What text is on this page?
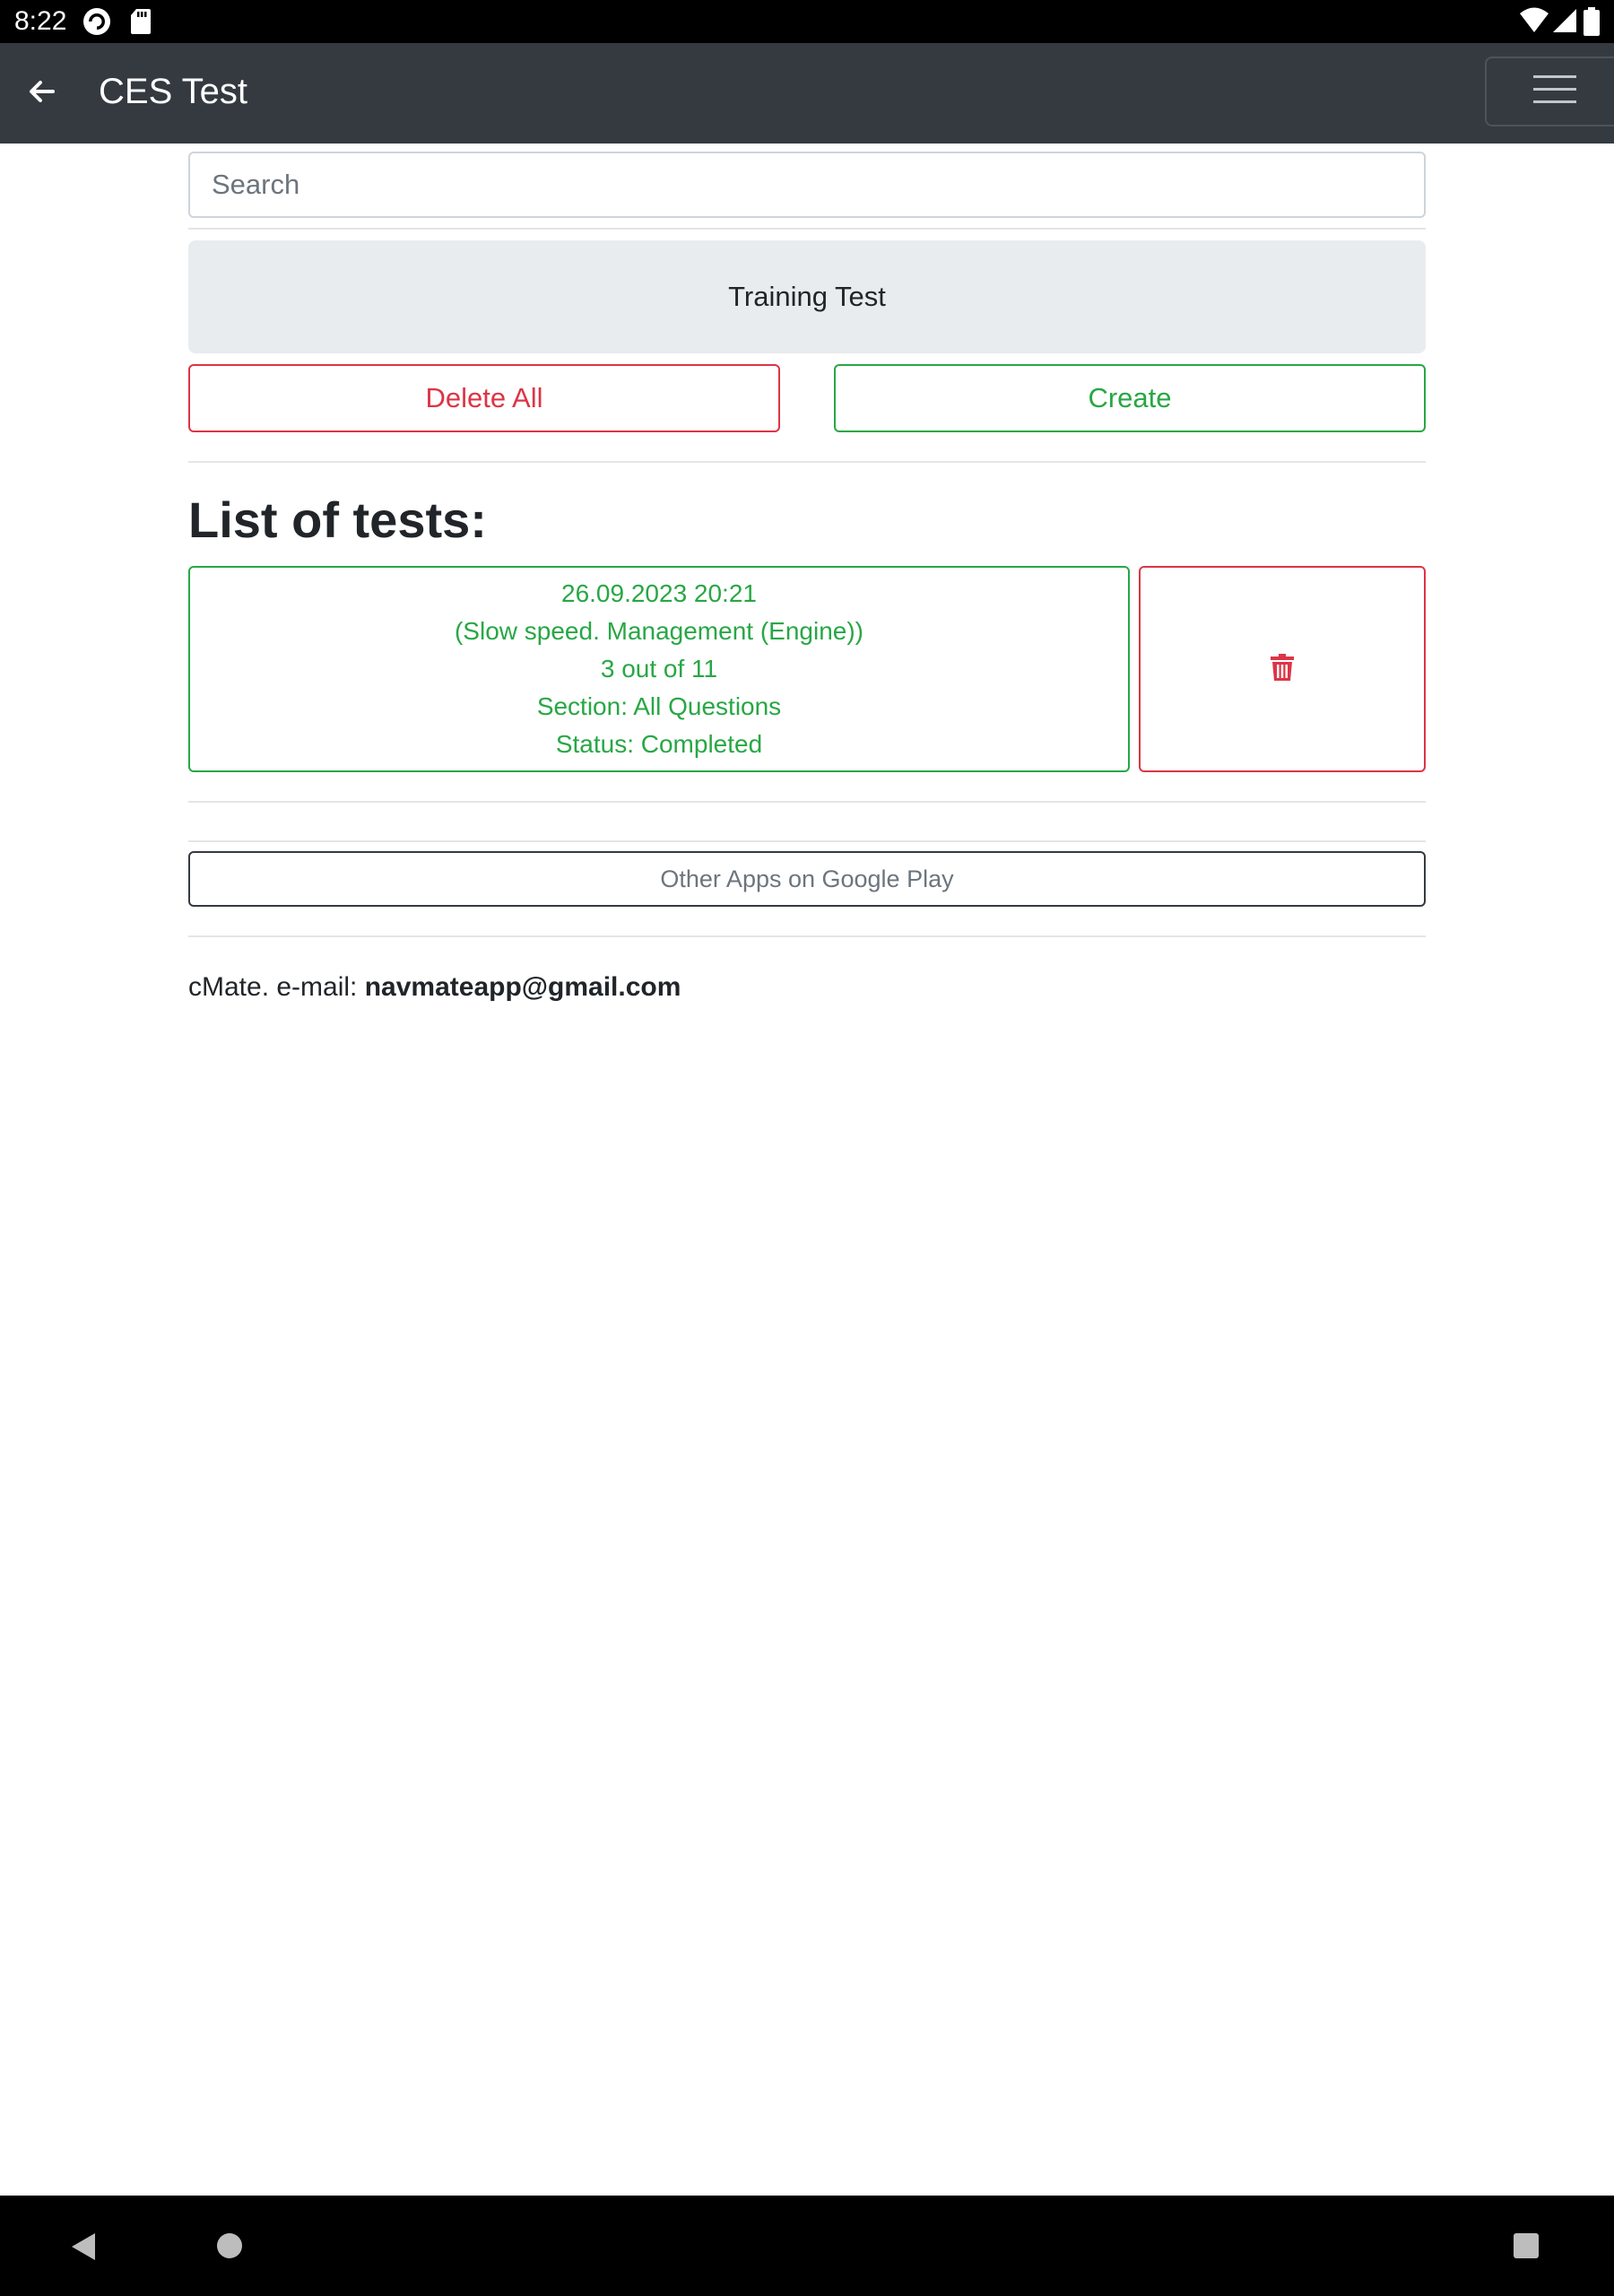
8:22
CES Test
Search
Training Test
Delete All	Create
List of tests:
26.09.2023 20:21
(Slow speed. Management (Engine))
3 out of 11
Section: All Questions
Status: Completed
Other Apps on Google Play
cMate. e-mail: navmateapp@gmail.com
